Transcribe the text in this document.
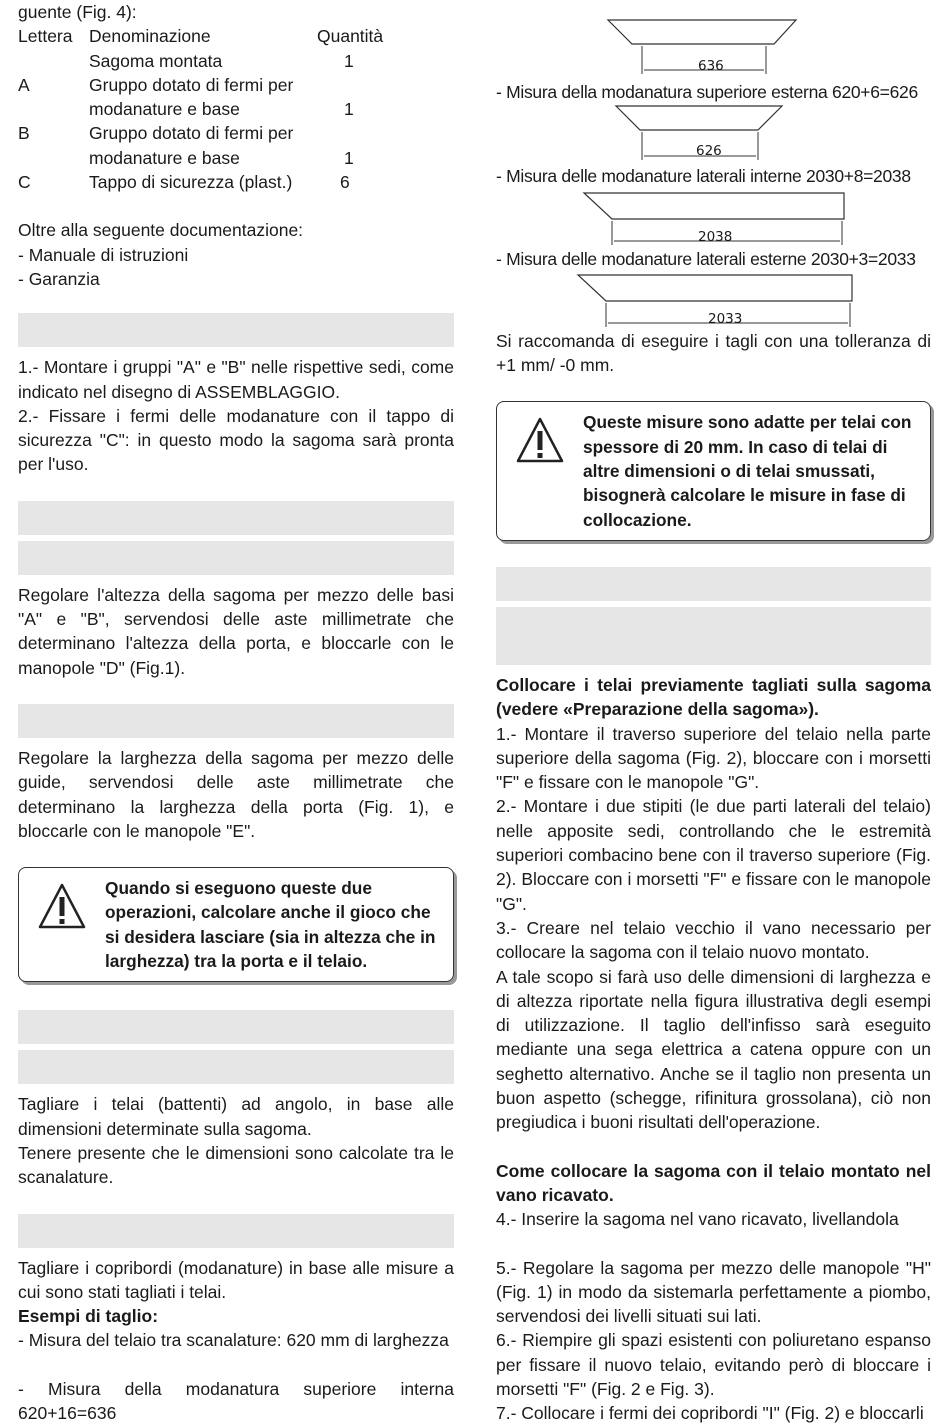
guente (Fig. 4):

Lettera Denominazione	Quantità
Sagoma montata	1
A	Gruppo dotato di fermi per
modanature e base	1
B	Gruppo dotato di fermi per
modanature e base	1
C	Tappo di sicurezza (plast.)	6

Oltre alla seguente documentazione:

- Manuale di istruzioni

- Garanzia

1.- Montare i gruppi "A" e "B" nelle rispettive sedi, come indicato nel disegno di ASSEMBLAGGIO.

2.- Fissare i fermi delle modanature con il tappo di sicurezza "C": in questo modo la sagoma sarà pronta per l'uso.

Regolare l'altezza della sagoma per mezzo delle basi "A" e "B", servendosi delle aste millimetrate che determinano l'altezza della porta, e bloccarle con le manopole "D" (Fig.1).

Regolare la larghezza della sagoma per mezzo delle guide, servendosi delle aste millimetrate che determinano la larghezza della porta (Fig. 1), e bloccarle con le manopole "E".

Quando si eseguono queste due operazioni, calcolare anche il gioco che si desidera lasciare (sia in altezza che in larghezza) tra la porta e il telaio.

Tagliare i telai (battenti) ad angolo, in base alle dimensioni determinate sulla sagoma.

Tenere presente che le dimensioni sono calcolate tra le scanalature.

Tagliare i copribordi (modanature) in base alle misure a cui sono stati tagliati i telai.

Esempi di taglio:

- Misura del telaio tra scanalature: 620 mm di larghezza

- Misura della modanatura superiore interna 620+16=636

636

- Misura della modanatura superiore esterna 620+6=626

626

- Misura delle modanature laterali interne 2030+8=2038

2038

- Misura delle modanature laterali esterne 2030+3=2033

2033

Si raccomanda di eseguire i tagli con una tolleranza di +1 mm/ -0 mm.

Queste misure sono adatte per telai con spessore di 20 mm. In caso di telai di altre dimensioni o di telai smussati, bisognerà calcolare le misure in fase di collocazione.

Collocare i telai previamente tagliati sulla sagoma (vedere «Preparazione della sagoma»).

1.- Montare il traverso superiore del telaio nella parte superiore della sagoma (Fig. 2), bloccare con i morsetti "F" e fissare con le manopole "G".

2.- Montare i due stipiti (le due parti laterali del telaio) nelle apposite sedi, controllando che le estremità superiori combacino bene con il traverso superiore (Fig. 2). Bloccare con i morsetti "F" e fissare con le manopole "G".

3.- Creare nel telaio vecchio il vano necessario per collocare la sagoma con il telaio nuovo montato.

A tale scopo si farà uso delle dimensioni di larghezza e di altezza riportate nella figura illustrativa degli esempi di utilizzazione. Il taglio dell'infisso sarà eseguito mediante una sega elettrica a catena oppure con un seghetto alternativo. Anche se il taglio non presenta un buon aspetto (schegge, rifinitura grossolana), ciò non pregiudica i buoni risultati dell'operazione.

Come collocare la sagoma con il telaio montato nel vano ricavato.

4.- Inserire la sagoma nel vano ricavato, livellandola

5.- Regolare la sagoma per mezzo delle manopole "H" (Fig. 1) in modo da sistemarla perfettamente a piombo, servendosi dei livelli situati sui lati.

6.- Riempire gli spazi esistenti con poliuretano espanso per fissare il nuovo telaio, evitando però di bloccare i morsetti "F" (Fig. 2 e Fig. 3).

7.- Collocare i fermi dei copribordi "I" (Fig. 2) e bloccarli
